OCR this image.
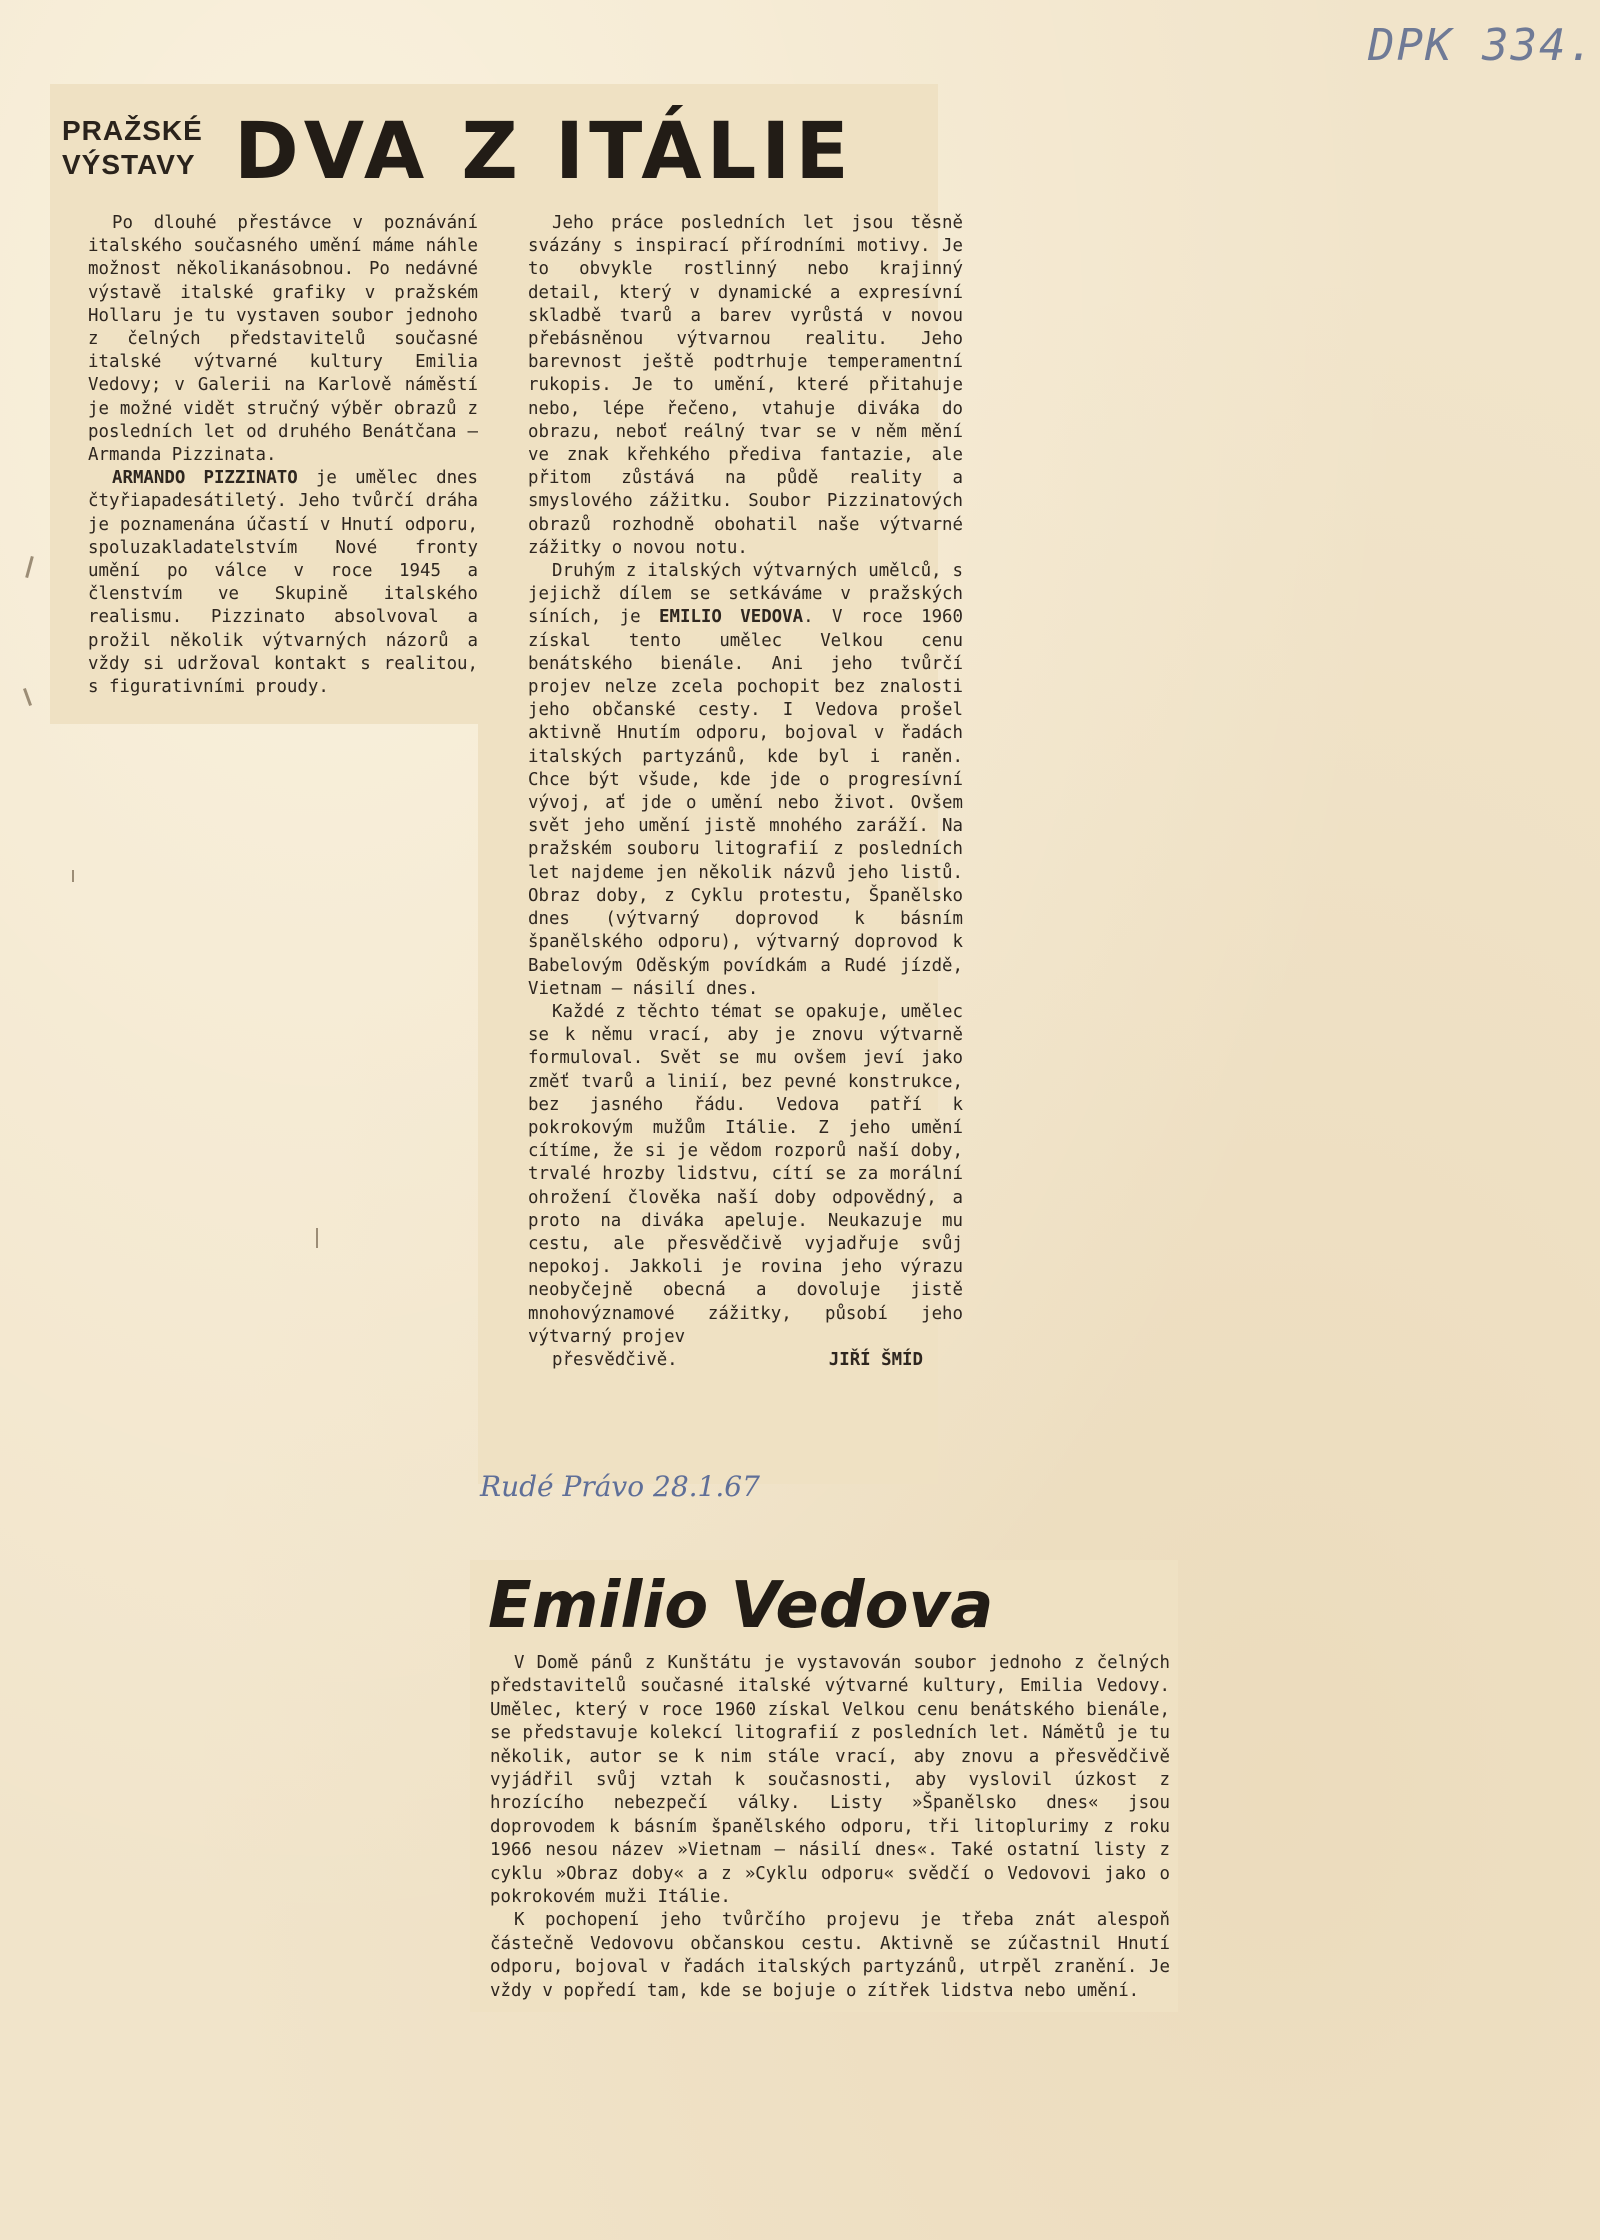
DPK 334.
PRAŽSKÉ
VÝSTAVY DVA Z ITÁLIE

Po dlouhé přestávce v poznávání italského současného umění máme náhle možnost několikanásobnou. Po nedávné výstavě italské grafiky v pražském Hollaru je tu vystaven soubor jednoho z čelných představitelů současné italské výtvarné kultury Emilia Vedovy; v Galerii na Karlově náměstí je možné vidět stručný výběr obrazů z posledních let od druhého Benátčana — Armanda Pizzinata.

ARMANDO PIZZINATO je umělec dnes čtyřiapadesátiletý. Jeho tvůrčí dráha je poznamenána účastí v Hnutí odporu, spoluzakladatelstvím Nové fronty umění po válce v roce 1945 a členstvím ve Skupině italského realismu. Pizzinato absolvoval a prožil několik výtvarných názorů a vždy si udržoval kontakt s realitou, s figurativními proudy.

Jeho práce posledních let jsou těsně svázány s inspirací přírodními motivy. Je to obvykle rostlinný nebo krajinný detail, který v dynamické a expresívní skladbě tvarů a barev vyrůstá v novou přebásněnou výtvarnou realitu. Jeho barevnost ještě podtrhuje temperamentní rukopis. Je to umění, které přitahuje nebo, lépe řečeno, vtahuje diváka do obrazu, neboť reálný tvar se v něm mění ve znak křehkého přediva fantazie, ale přitom zůstává na půdě reality a smyslového zážitku. Soubor Pizzinatových obrazů rozhodně obohatil naše výtvarné zážitky o novou notu.

Druhým z italských výtvarných umělců, s jejichž dílem se setkáváme v pražských síních, je EMILIO VEDOVA. V roce 1960 získal tento umělec Velkou cenu benátského bienále. Ani jeho tvůrčí projev nelze zcela pochopit bez znalosti jeho občanské cesty. I Vedova prošel aktivně Hnutím odporu, bojoval v řadách italských partyzánů, kde byl i raněn. Chce být všude, kde jde o progresívní vývoj, ať jde o umění nebo život. Ovšem svět jeho umění jistě mnohého zaráží. Na pražském souboru litografií z posledních let najdeme jen několik názvů jeho listů. Obraz doby, z Cyklu protestu, Španělsko dnes (výtvarný doprovod k básním španělského odporu), výtvarný doprovod k Babelovým Oděským povídkám a Rudé jízdě, Vietnam — násilí dnes.

Každé z těchto témat se opakuje, umělec se k němu vrací, aby je znovu výtvarně formuloval. Svět se mu ovšem jeví jako změť tvarů a linií, bez pevné konstrukce, bez jasného řádu. Vedova patří k pokrokovým mužům Itálie. Z jeho umění cítíme, že si je vědom rozporů naší doby, trvalé hrozby lidstvu, cítí se za morální ohrožení člověka naší doby odpovědný, a proto na diváka apeluje. Neukazuje mu cestu, ale přesvědčivě vyjadřuje svůj nepokoj. Jakkoli je rovina jeho výrazu neobyčejně obecná a dovoluje jistě mnohovýznamové zážitky, působí jeho výtvarný projev

přesvědčivě.	JIŘÍ ŠMÍD

Rudé Právo 28.1.67
Emilio Vedova

V Domě pánů z Kunštátu je vystavován soubor jednoho z čelných představitelů současné italské výtvarné kultury, Emilia Vedovy. Umělec, který v roce 1960 získal Velkou cenu benátského bienále, se představuje kolekcí litografií z posledních let. Námětů je tu několik, autor se k nim stále vrací, aby znovu a přesvědčivě vyjádřil svůj vztah k současnosti, aby vyslovil úzkost z hrozícího nebezpečí války. Listy »Španělsko dnes« jsou doprovodem k básním španělského odporu, tři litoplurimy z roku 1966 nesou název »Vietnam — násilí dnes«. Také ostatní listy z cyklu »Obraz doby« a z »Cyklu odporu« svědčí o Vedovovi jako o pokrokovém muži Itálie.

K pochopení jeho tvůrčího projevu je třeba znát alespoň částečně Vedovovu občanskou cestu. Aktivně se zúčastnil Hnutí odporu, bojoval v řadách italských partyzánů, utrpěl zranění. Je vždy v popředí tam, kde se bojuje o zítřek lidstva nebo umění.
